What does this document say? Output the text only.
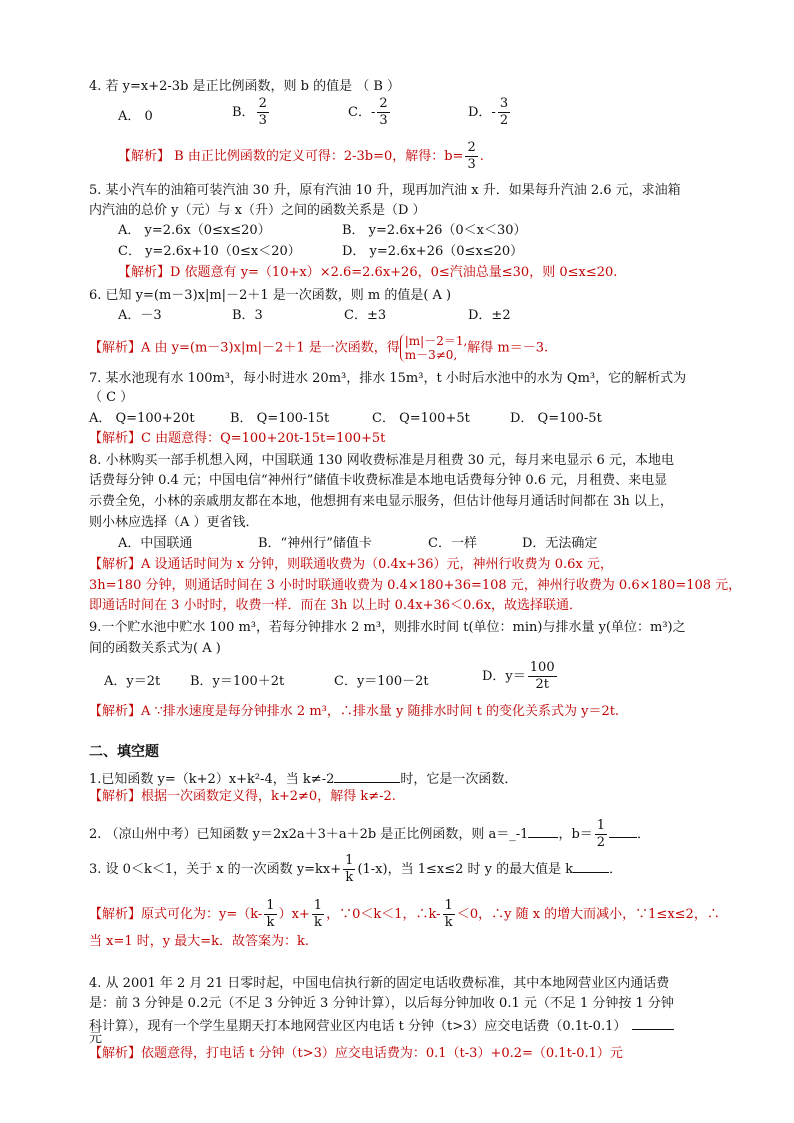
4. 若 y=x+2-3b 是正比例函数，则 b 的值是 （ B ）
A． 0	B． $\frac{2}{3}$	C．- $\frac{2}{3}$	D．- $\frac{3}{2}$
【解析】 B 由正比例函数的定义可得：2-3b=0，解得：$b= \frac{2}{3}$ .
5. 某小汽车的油箱可装汽油 30 升，原有汽油 10 升，现再加汽油 x 升．如果每升汽油 2.6 元，求油箱
内汽油的总价 y（元）与 x（升）之间的函数关系是（D ）
A． y=2.6x（0≤x≤20）	B． y=2.6x+26（0＜x＜30）
C． y=2.6x+10（0≤x＜20）	D． y=2.6x+26（0≤x≤20）
【解析】D 依题意有 y=（10+x）×2.6=2.6x+26，0≤汽油总量≤30，则 0≤x≤20.
6. 已知 y=(m－3)x|m|－2＋1 是一次函数，则 m 的值是( A )
A．－3	B．3	C．±3	D．±2
【解析】A 由 y=(m－3)x|m|－2＋1 是一次函数，得 |m|－2＝1,
m－3≠0, 解得 m＝－3.
7. 某水池现有水 100m³，每小时进水 20m³，排水 15m³，t 小时后水池中的水为 Qm³，它的解析式为
（ C ）
A． Q=100+20t	B． Q=100-15t	C． Q=100+5t	D． Q=100-5t
【解析】C 由题意得：Q=100+20t-15t=100+5t
8. 小林购买一部手机想入网，中国联通 130 网收费标准是月租费 30 元，每月来电显示 6 元，本地电
话费每分钟 0.4 元；中国电信“神州行”储值卡收费标准是本地电话费每分钟 0.6 元，月租费、来电显
示费全免，小林的亲戚朋友都在本地，他想拥有来电显示服务，但估计他每月通话时间都在 3h 以上，
则小林应选择（A ）更省钱．
A．中国联通	B．“神州行”储值卡	C．一样	D．无法确定
【解析】A 设通话时间为 x 分钟，则联通收费为（0.4x+36）元，神州行收费为 0.6x 元，
3h=180 分钟，则通话时间在 3 小时时联通收费为 0.4×180+36=108 元，神州行收费为 0.6×180=108 元，
即通话时间在 3 小时时，收费一样．而在 3h 以上时 0.4x+36＜0.6x，故选择联通．
9.一个贮水池中贮水 100 m³，若每分钟排水 2 m³，则排水时间 t(单位：min)与排水量 y(单位：m³)之
间的函数关系式为( A )
A．y＝2t B．y＝100＋2t	C．y＝100－2t	D．$y= \frac{100}{2t}$
【解析】A ∵排水速度是每分钟排水 2 m³，∴排水量 y 随排水时间 t 的变化关系式为 y＝2t.
二、填空题
1.已知函数 y=（k+2）x+k²-4，当 k≠-2	时，它是一次函数．
【解析】根据一次函数定义得，k+2≠0，解得 k≠-2.
2. （凉山州中考）已知函数 y＝2x2a＋3＋a＋2b 是正比例函数，则 a＝_-1 ，$b= \frac{1}{2}$ ．
3. 设 0＜k＜1，关于 x 的一次函数 $y=kx+ \frac{1}{k} (1-x)$，当 1≤x≤2 时 y 的最大值是 k	．
【解析】原式可化为：$y=(k- \frac{1}{k} )x+ \frac{1}{k}$ ，∵0＜k＜1，∴k- $\frac{1}{k} <0$，∴y 随 x 的增大而减小，∵1≤x≤2，∴
当 x=1 时，y 最大=k．故答案为：k.
4. 从 2001 年 2 月 21 日零时起，中国电信执行新的固定电话收费标准，其中本地网营业区内通话费
是：前 3 分钟是 0.2元（不足 3 分钟近 3 分钟计算），以后每分钟加收 0.1 元（不足 1 分钟按 1 分钟
科计算），现有一个学生星期天打本地网营业区内电话 t 分钟（t>3）应交电话费（0.1t-0.1）
元
【解析】依题意得，打电话 t 分钟（t>3）应交电话费为：0.1（t-3）+0.2=（0.1t-0.1）元
